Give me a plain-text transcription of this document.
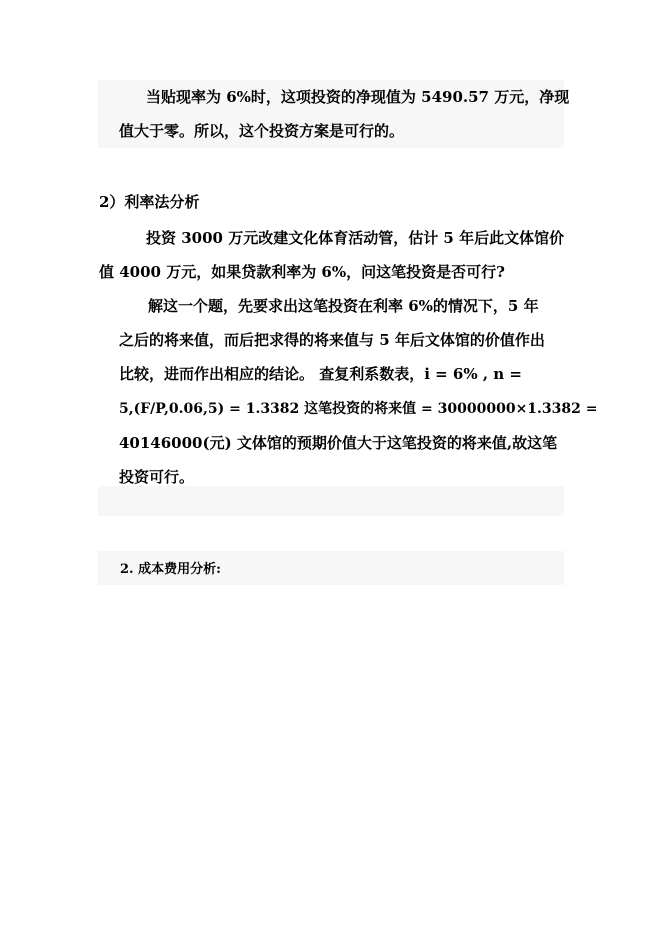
当贴现率为 6%时，这项投资的净现值为 5490.57 万元，净现
值大于零。所以，这个投资方案是可行的。
2）利率法分析
投资 3000 万元改建文化体育活动管，估计 5 年后此文体馆价
值 4000 万元，如果贷款利率为 6%，问这笔投资是否可行?
解这一个题，先要求出这笔投资在利率 6%的情况下，5 年
之后的将来值，而后把求得的将来值与 5 年后文体馆的价值作出
比较，进而作出相应的结论。 查复利系数表，i = 6% , n =
5,(F/P,0.06,5) = 1.3382 这笔投资的将来值 = 30000000×1.3382 =
40146000(元) 文体馆的预期价值大于这笔投资的将来值,故这笔
投资可行。
2. 成本费用分析:
